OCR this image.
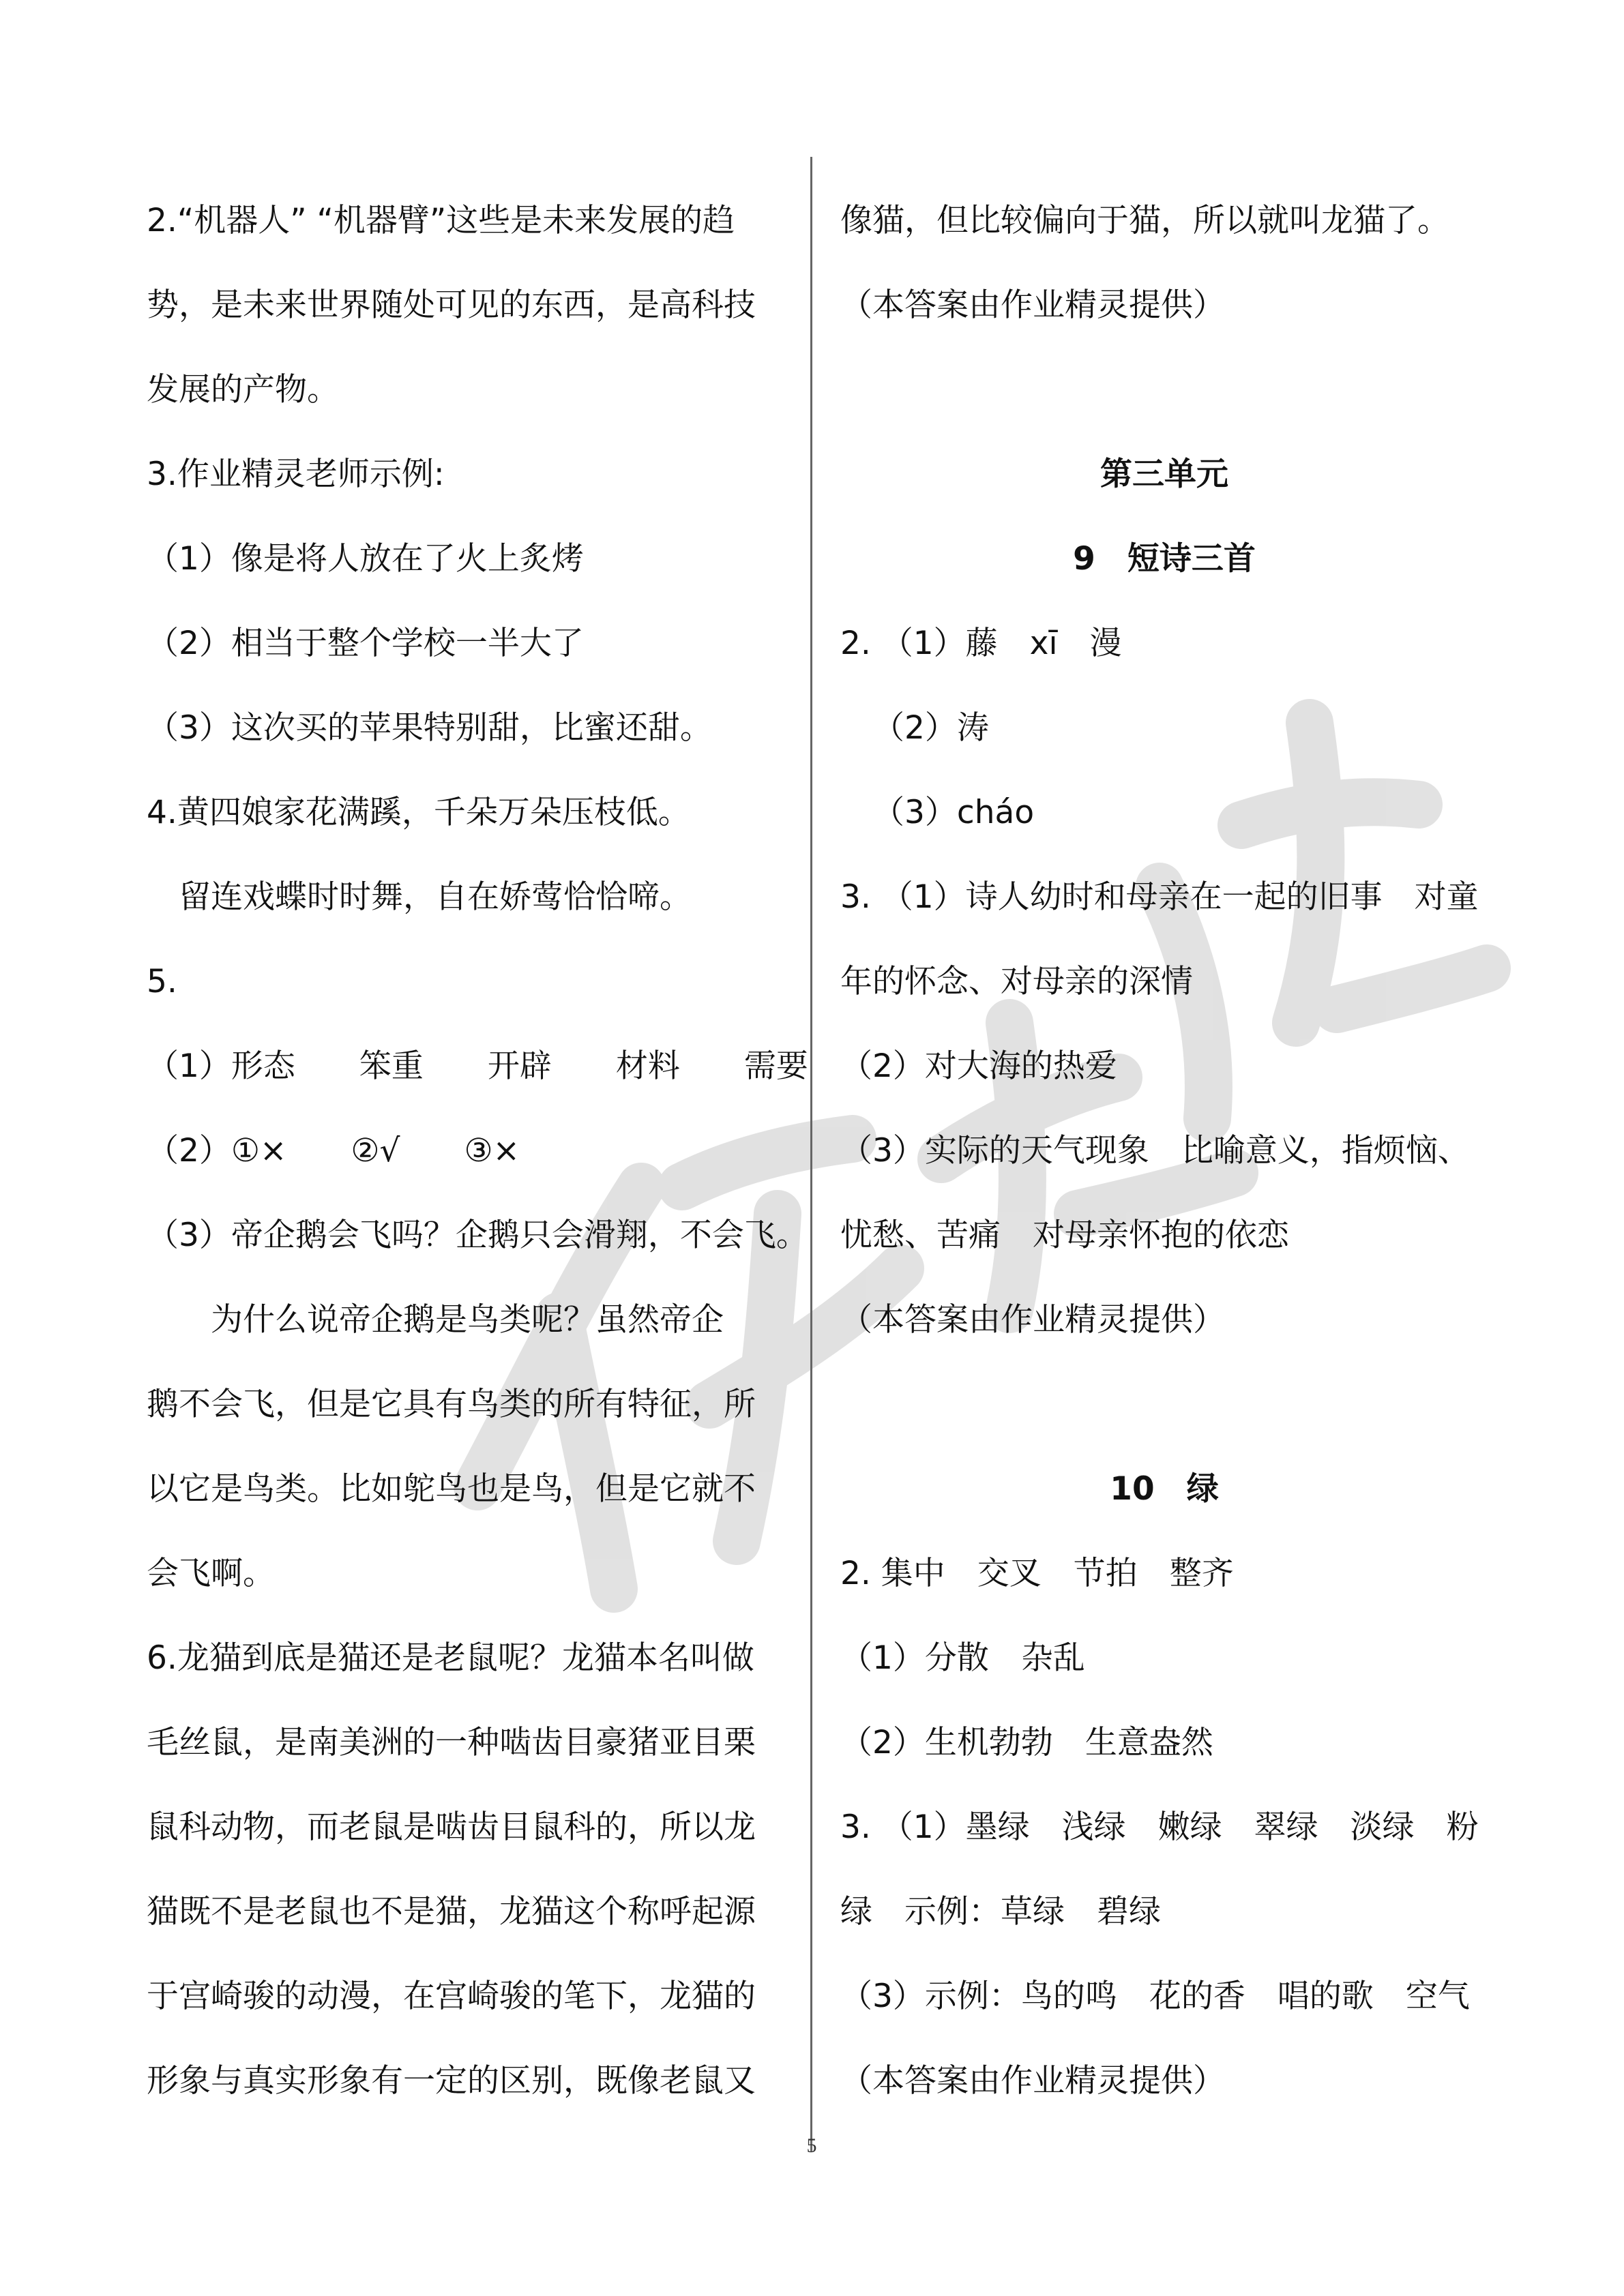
2.“机器人” “机器臂”这些是未来发展的趋
势，是未来世界随处可见的东西，是高科技
发展的产物。
3.作业精灵老师示例:
（1）像是将人放在了火上炙烤
（2）相当于整个学校一半大了
（3）这次买的苹果特别甜，比蜜还甜。
4.黄四娘家花满蹊，千朵万朵压枝低。
留连戏蝶时时舞，自在娇莺恰恰啼。
5.
（1）形态　　笨重　　开辟　　材料　　需要
（2）①×　　②√　　③×
（3）帝企鹅会飞吗？企鹅只会滑翔，不会飞。
为什么说帝企鹅是鸟类呢？虽然帝企
鹅不会飞，但是它具有鸟类的所有特征，所
以它是鸟类。比如鸵鸟也是鸟，但是它就不
会飞啊。
6.龙猫到底是猫还是老鼠呢？龙猫本名叫做
毛丝鼠，是南美洲的一种啮齿目豪猪亚目栗
鼠科动物，而老鼠是啮齿目鼠科的，所以龙
猫既不是老鼠也不是猫，龙猫这个称呼起源
于宫崎骏的动漫，在宫崎骏的笔下，龙猫的
形象与真实形象有一定的区别，既像老鼠又
像猫，但比较偏向于猫，所以就叫龙猫了。
（本答案由作业精灵提供）
第三单元
9　短诗三首
2. （1）藤　xī　漫
（2）涛
（3）cháo
3. （1）诗人幼时和母亲在一起的旧事　对童
年的怀念、对母亲的深情
（2）对大海的热爱
（3）实际的天气现象　比喻意义，指烦恼、
忧愁、苦痛　对母亲怀抱的依恋
（本答案由作业精灵提供）
10　绿
2. 集中　交叉　节拍　整齐
（1）分散　杂乱
（2）生机勃勃　生意盎然
3. （1）墨绿　浅绿　嫩绿　翠绿　淡绿　粉
绿　示例：草绿　碧绿
（3）示例：鸟的鸣　花的香　唱的歌　空气
（本答案由作业精灵提供）
5
